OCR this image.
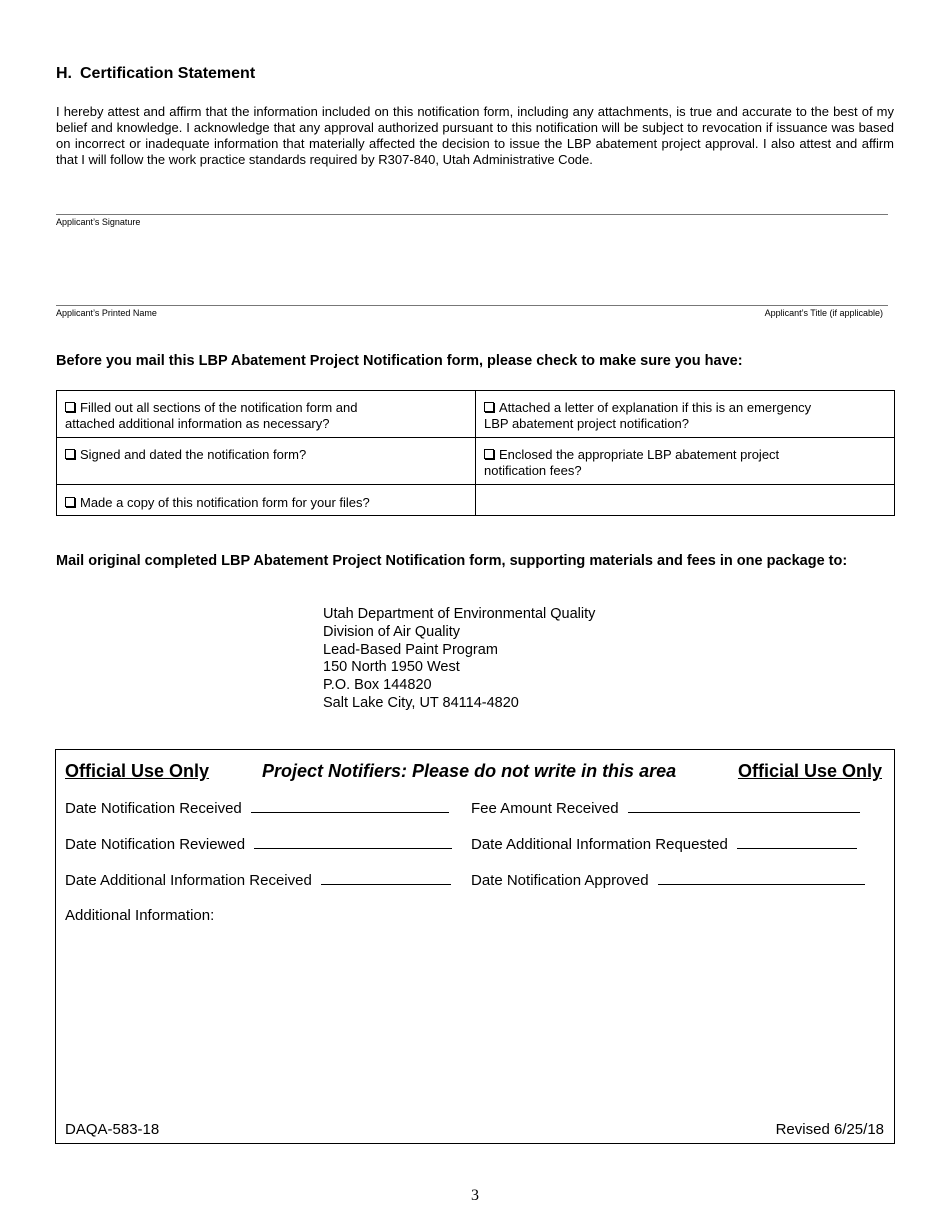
H. Certification Statement

I hereby attest and affirm that the information included on this notification form, including any attachments, is true and accurate to the best of my belief and knowledge. I acknowledge that any approval authorized pursuant to this notification will be subject to revocation if issuance was based on incorrect or inadequate information that materially affected the decision to issue the LBP abatement project approval. I also attest and affirm that I will follow the work practice standards required by R307-840, Utah Administrative Code.

Applicant’s Signature
Applicant’s Printed Name	Applicant’s Title (if applicable)
Before you mail this LBP Abatement Project Notification form, please check to make sure you have:
Filled out all sections of the notification form and
attached additional information as necessary?	Attached a letter of explanation if this is an emergency
LBP abatement project notification?
Signed and dated the notification form?	Enclosed the appropriate LBP abatement project
notification fees?
Made a copy of this notification form for your files?	

Mail original completed LBP Abatement Project Notification form, supporting materials and fees in one package to:

Utah Department of Environmental Quality
Division of Air Quality
Lead-Based Paint Program
150 North 1950 West
P.O. Box 144820
Salt Lake City, UT 84114-4820
Official Use Only	Project Notifiers: Please do not write in this area	Official Use Only
Date Notification Received	Fee Amount Received
Date Notification Reviewed	Date Additional Information Requested
Date Additional Information Received	Date Notification Approved
Additional Information:
DAQA-583-18	Revised 6/25/18
3
